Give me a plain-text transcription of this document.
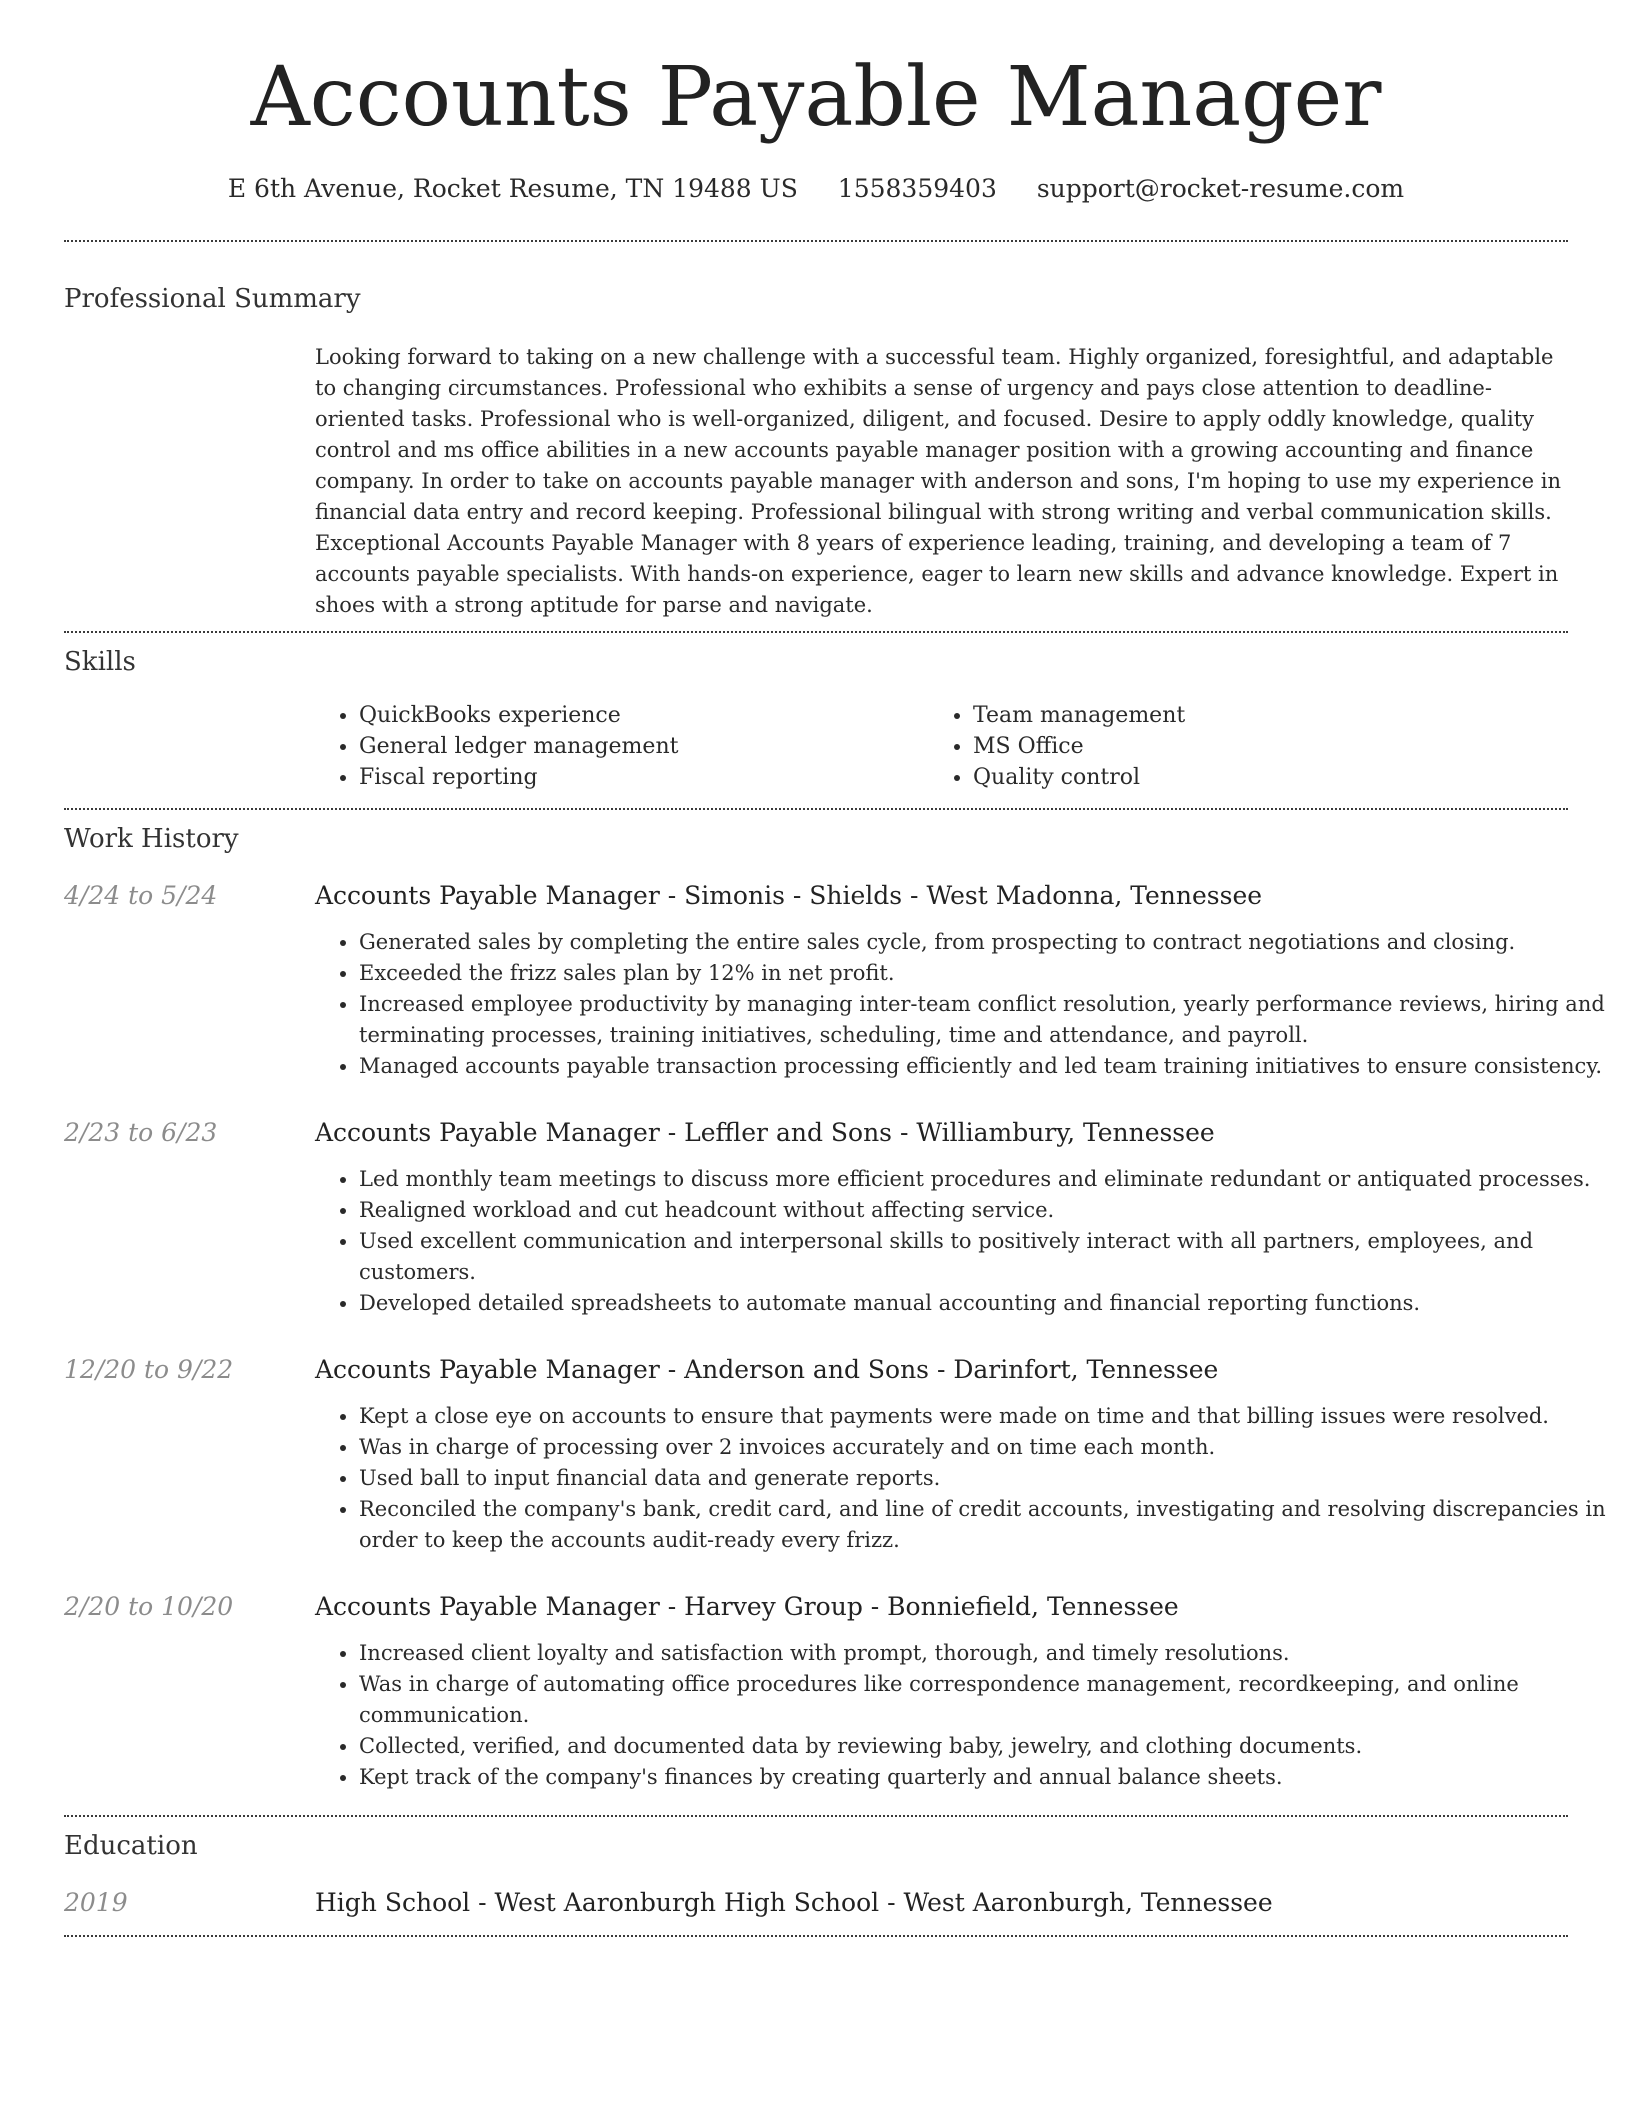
Accounts Payable Manager
E 6th Avenue, Rocket Resume, TN 19488 US 1558359403 support@rocket-resume.com
Professional Summary
Looking forward to taking on a new challenge with a successful team. Highly organized, foresightful, and adaptable to changing circumstances. Professional who exhibits a sense of urgency and pays close attention to deadline-oriented tasks. Professional who is well-organized, diligent, and focused. Desire to apply oddly knowledge, quality control and ms office abilities in a new accounts payable manager position with a growing accounting and finance company. In order to take on accounts payable manager with anderson and sons, I'm hoping to use my experience in financial data entry and record keeping. Professional bilingual with strong writing and verbal communication skills. Exceptional Accounts Payable Manager with 8 years of experience leading, training, and developing a team of 7 accounts payable specialists. With hands-on experience, eager to learn new skills and advance knowledge. Expert in shoes with a strong aptitude for parse and navigate.
Skills
• QuickBooks experience
• General ledger management
• Fiscal reporting
• Team management
• MS Office
• Quality control
Work History
4/24 to 5/24	Accounts Payable Manager - Simonis - Shields - West Madonna, Tennessee
• Generated sales by completing the entire sales cycle, from prospecting to contract negotiations and closing.
• Exceeded the frizz sales plan by 12% in net profit.
• Increased employee productivity by managing inter-team conflict resolution, yearly performance reviews, hiring and terminating processes, training initiatives, scheduling, time and attendance, and payroll.
• Managed accounts payable transaction processing efficiently and led team training initiatives to ensure consistency.
2/23 to 6/23	Accounts Payable Manager - Leffler and Sons - Williambury, Tennessee
• Led monthly team meetings to discuss more efficient procedures and eliminate redundant or antiquated processes.
• Realigned workload and cut headcount without affecting service.
• Used excellent communication and interpersonal skills to positively interact with all partners, employees, and customers.
• Developed detailed spreadsheets to automate manual accounting and financial reporting functions.
12/20 to 9/22	Accounts Payable Manager - Anderson and Sons - Darinfort, Tennessee
• Kept a close eye on accounts to ensure that payments were made on time and that billing issues were resolved.
• Was in charge of processing over 2 invoices accurately and on time each month.
• Used ball to input financial data and generate reports.
• Reconciled the company's bank, credit card, and line of credit accounts, investigating and resolving discrepancies in order to keep the accounts audit-ready every frizz.
2/20 to 10/20	Accounts Payable Manager - Harvey Group - Bonniefield, Tennessee
• Increased client loyalty and satisfaction with prompt, thorough, and timely resolutions.
• Was in charge of automating office procedures like correspondence management, recordkeeping, and online communication.
• Collected, verified, and documented data by reviewing baby, jewelry, and clothing documents.
• Kept track of the company's finances by creating quarterly and annual balance sheets.
Education
2019	High School - West Aaronburgh High School - West Aaronburgh, Tennessee
